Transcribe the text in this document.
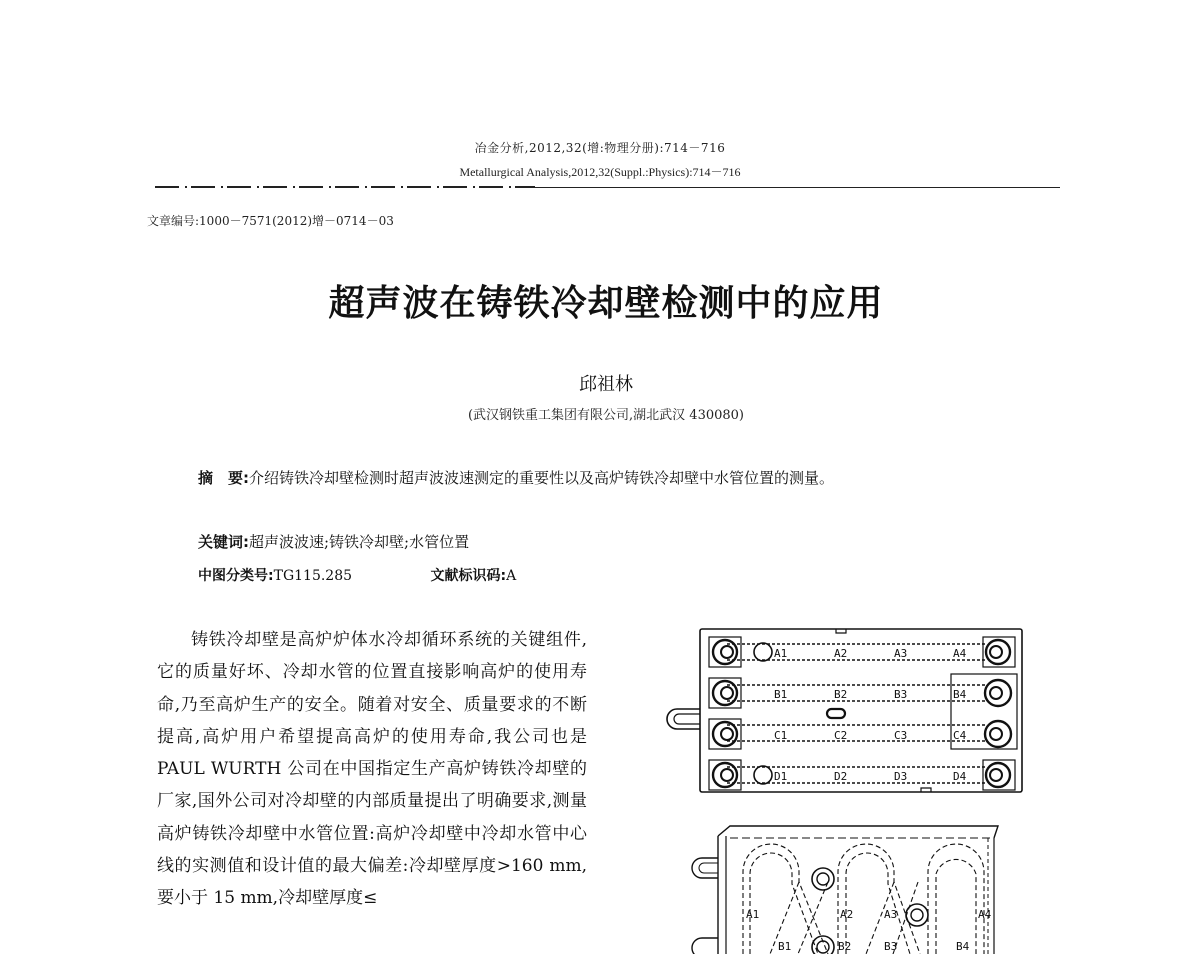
冶金分析,2012,32(增:物理分册):714－716
Metallurgical Analysis,2012,32(Suppl.:Physics):714－716
文章编号:1000－7571(2012)增－0714－03
超声波在铸铁冷却壁检测中的应用
邱祖林
(武汉钢铁重工集团有限公司,湖北武汉 430080)
摘　要:介绍铸铁冷却壁检测时超声波波速测定的重要性以及高炉铸铁冷却壁中水管位置的测量。
关键词:超声波波速;铸铁冷却壁;水管位置
中图分类号:TG115.285	文献标识码:A

铸铁冷却壁是高炉炉体水冷却循环系统的关键组件,它的质量好坏、冷却水管的位置直接影响高炉的使用寿命,乃至高炉生产的安全。随着对安全、质量要求的不断提高,高炉用户希望提高高炉的使用寿命,我公司也是 PAUL WURTH 公司在中国指定生产高炉铸铁冷却壁的厂家,国外公司对冷却壁的内部质量提出了明确要求,测量高炉铸铁冷却壁中水管位置:高炉冷却壁中冷却水管中心线的实测值和设计值的最大偏差:冷却壁厚度>160 mm,要小于 15 mm,冷却壁厚度≤

A1	A2	A3	A4
B1	B2	B3	B4
C1	C2	C3	C4
D1	D2	D3	D4
A1	A2	A3	A4
B1	B2	B3	B4
